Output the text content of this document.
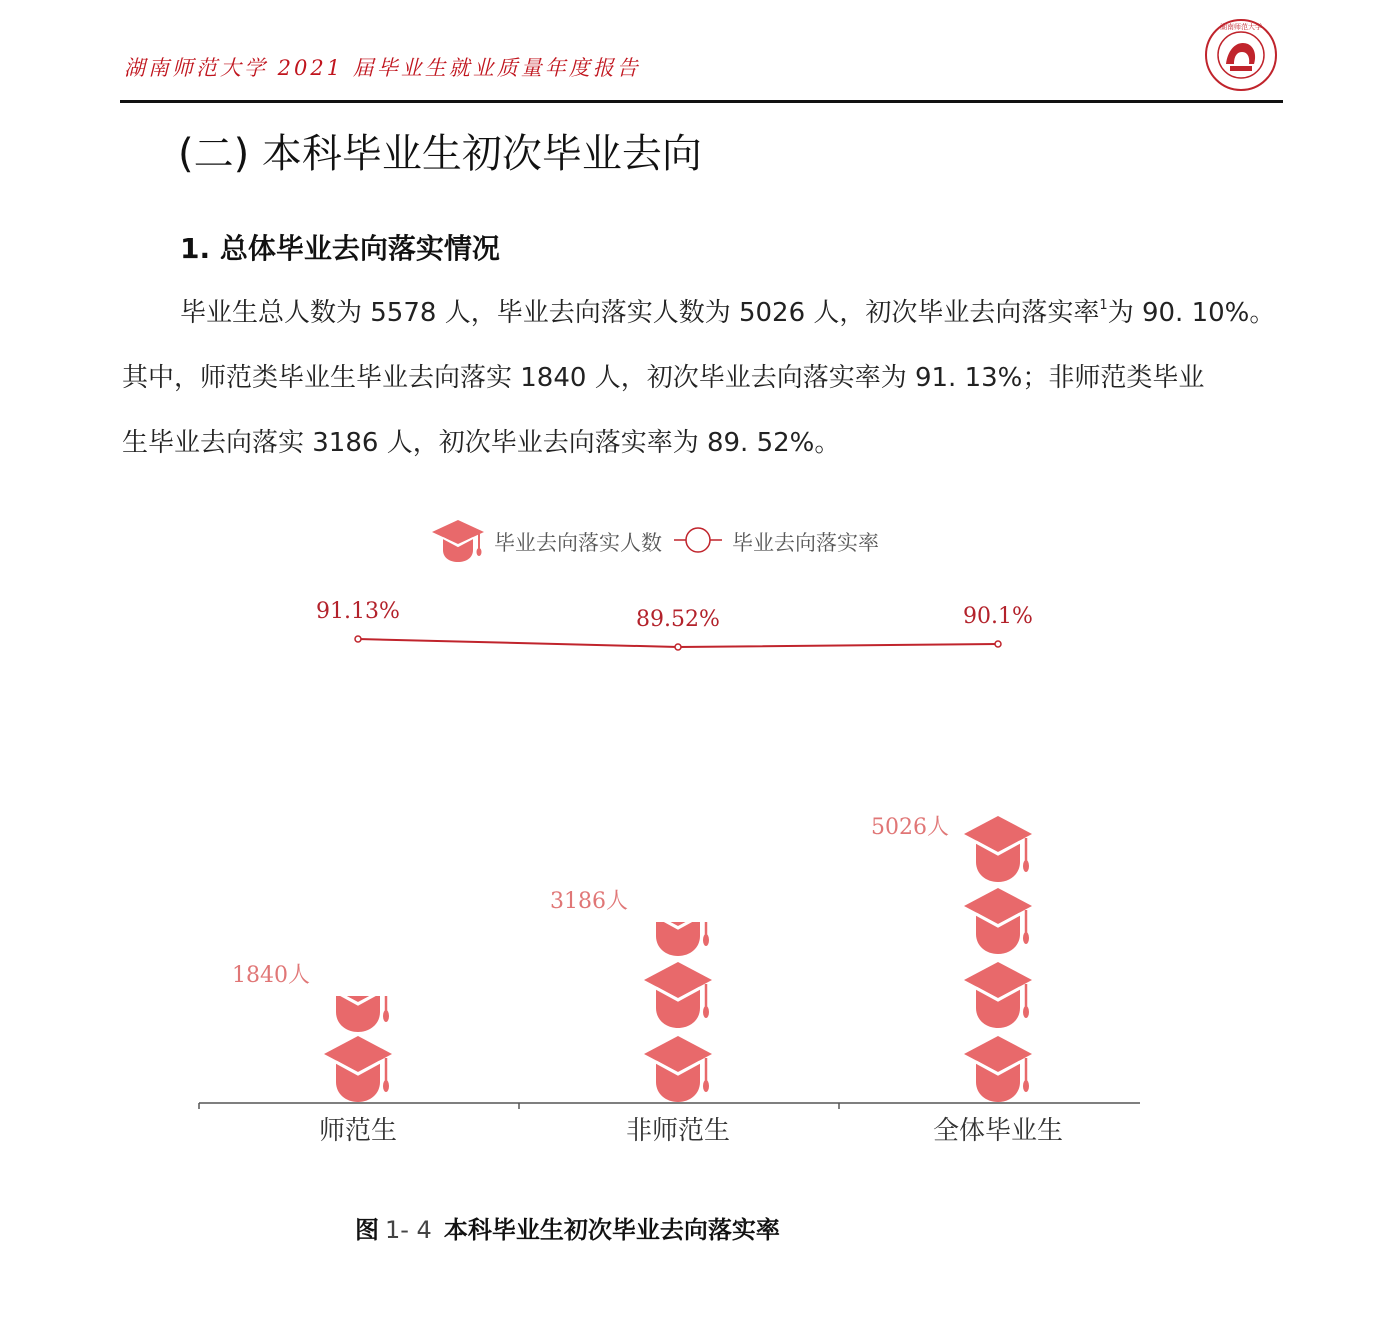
湖南师范大学 2021 届毕业生就业质量年度报告	1938
湖南师范大学
(二) 本科毕业生初次毕业去向
1. 总体毕业去向落实情况
毕业生总人数为 5578 人，毕业去向落实人数为 5026 人，初次毕业去向落实率$^1$为 90. 10%。
其中，师范类毕业生毕业去向落实 1840 人，初次毕业去向落实率为 91. 13%；非师范类毕业
生毕业去向落实 3186 人，初次毕业去向落实率为 89. 52%。
毕业去向落实人数	毕业去向落实率
91.13%	89.52%	90.1%
1840人
3186人
5026人
师范生	非师范生	全体毕业生
图 1- 4 本科毕业生初次毕业去向落实率
